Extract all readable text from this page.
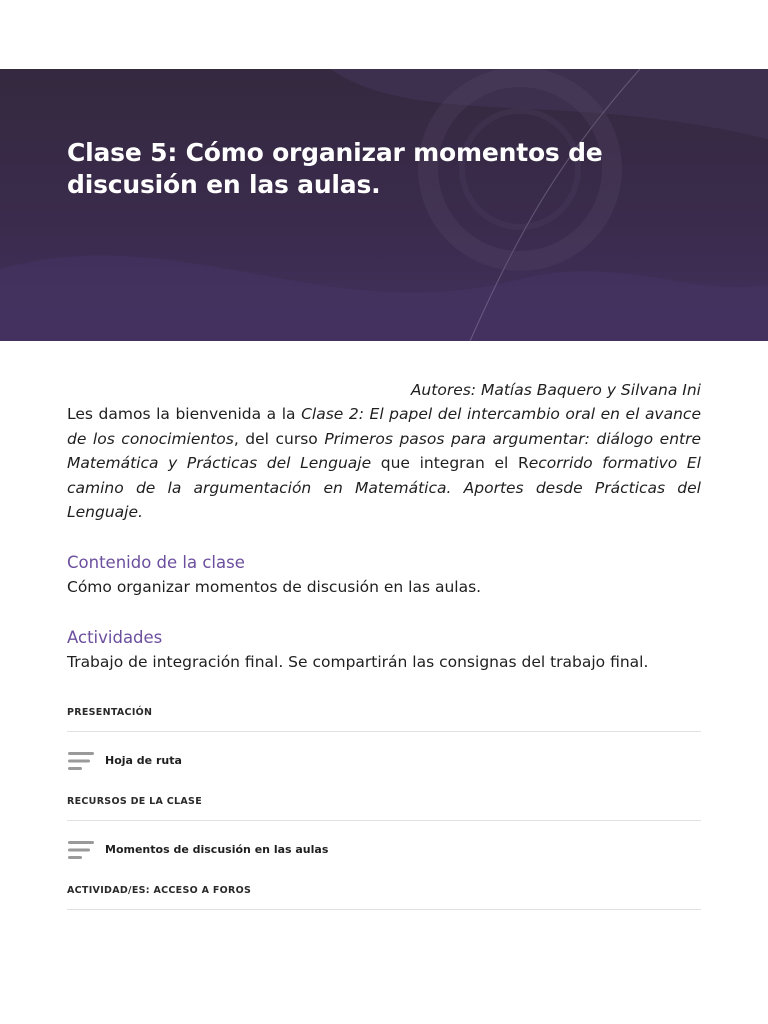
Clase 5: Cómo organizar momentos de discusión en las aulas.

Autores: Matías Baquero y Silvana Ini

Les damos la bienvenida a la Clase 2: El papel del intercambio oral en el avance de los conocimientos, del curso Primeros pasos para argumentar: diálogo entre Matemática y Prácticas del Lenguaje que integran el Recorrido formativo El camino de la argumentación en Matemática. Aportes desde Prácticas del Lenguaje.

Contenido de la clase

Cómo organizar momentos de discusión en las aulas.

Actividades

Trabajo de integración final. Se compartirán las consignas del trabajo final.

PRESENTACIÓN
Hoja de ruta
RECURSOS DE LA CLASE
Momentos de discusión en las aulas
ACTIVIDAD/ES: ACCESO A FOROS
